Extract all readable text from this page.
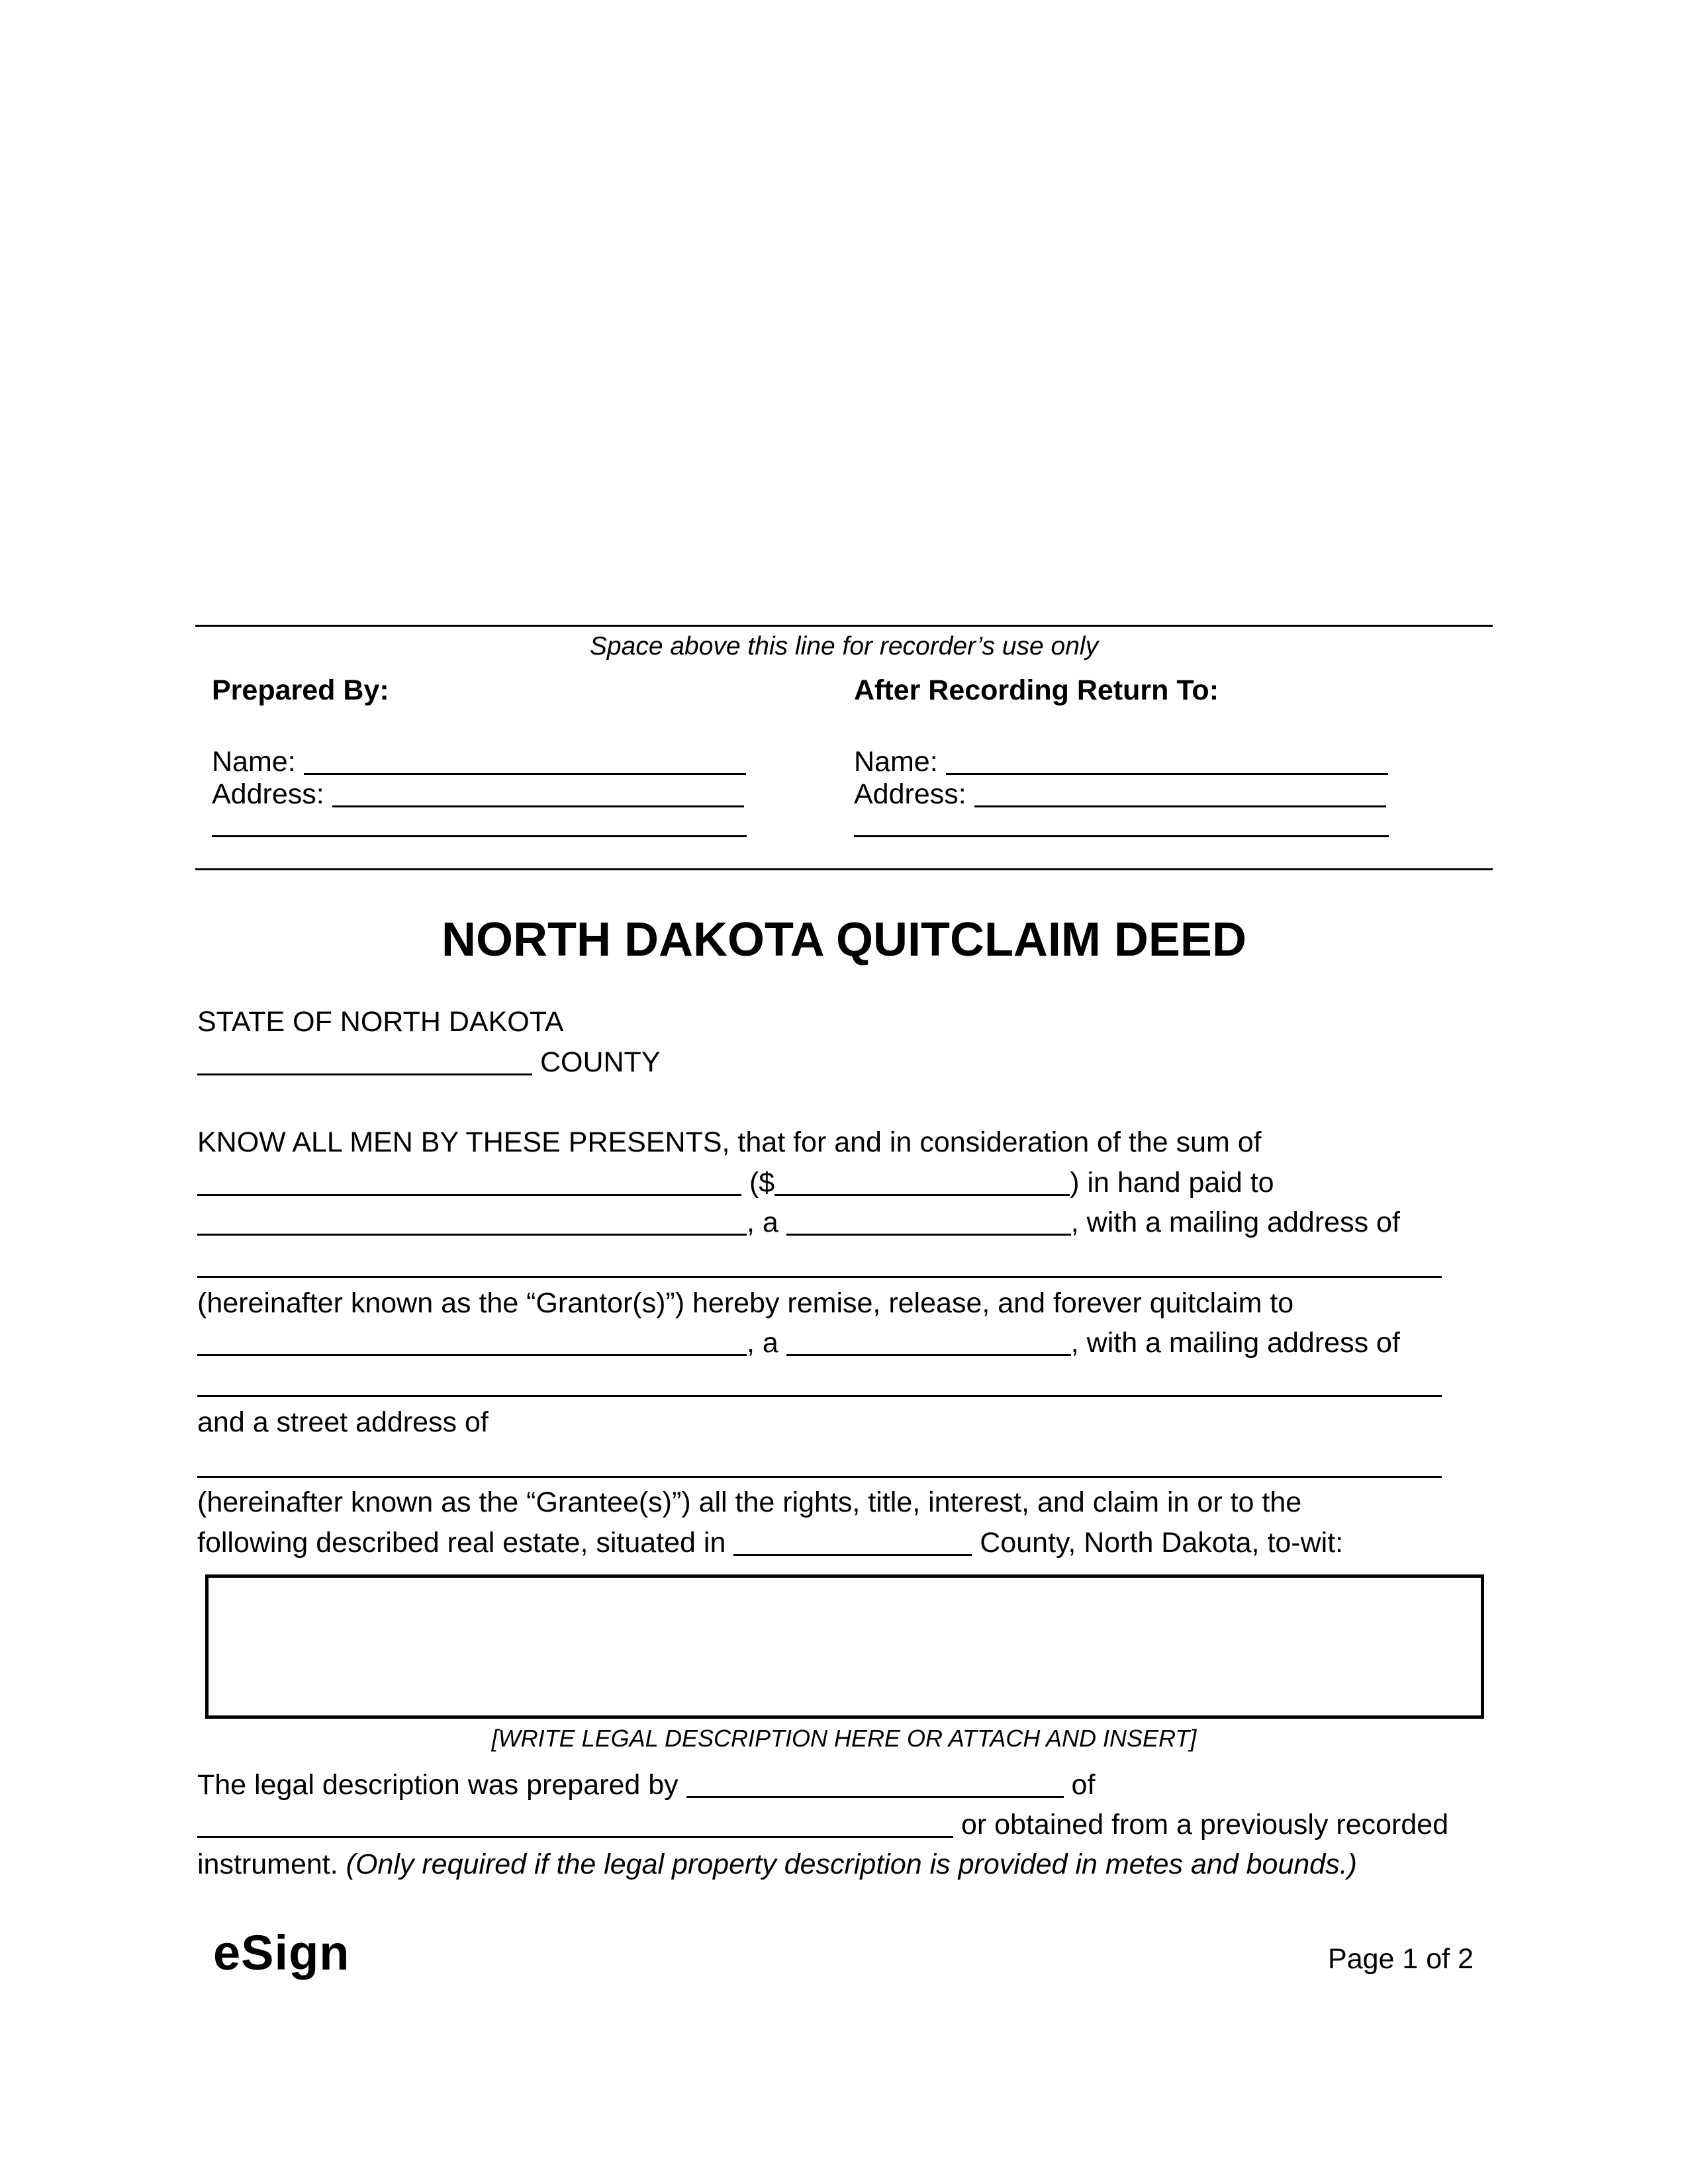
Space above this line for recorder’s use only

Prepared By:

Name:

Address:

After Recording Return To:

Name:

Address:

NORTH DAKOTA QUITCLAIM DEED

STATE OF NORTH DAKOTA

COUNTY

KNOW ALL MEN BY THESE PRESENTS, that for and in consideration of the sum of

($	) in hand paid to

, a	, with a mailing address of

(hereinafter known as the “Grantor(s)”) hereby remise, release, and forever quitclaim to

, a	, with a mailing address of

and a street address of

(hereinafter known as the “Grantee(s)”) all the rights, title, interest, and claim in or to the

following described real estate, situated in	County, North Dakota, to-wit:

[WRITE LEGAL DESCRIPTION HERE OR ATTACH AND INSERT]

The legal description was prepared by	of

or obtained from a previously recorded

instrument. (Only required if the legal property description is provided in metes and bounds.)

eSign	Page 1 of 2
